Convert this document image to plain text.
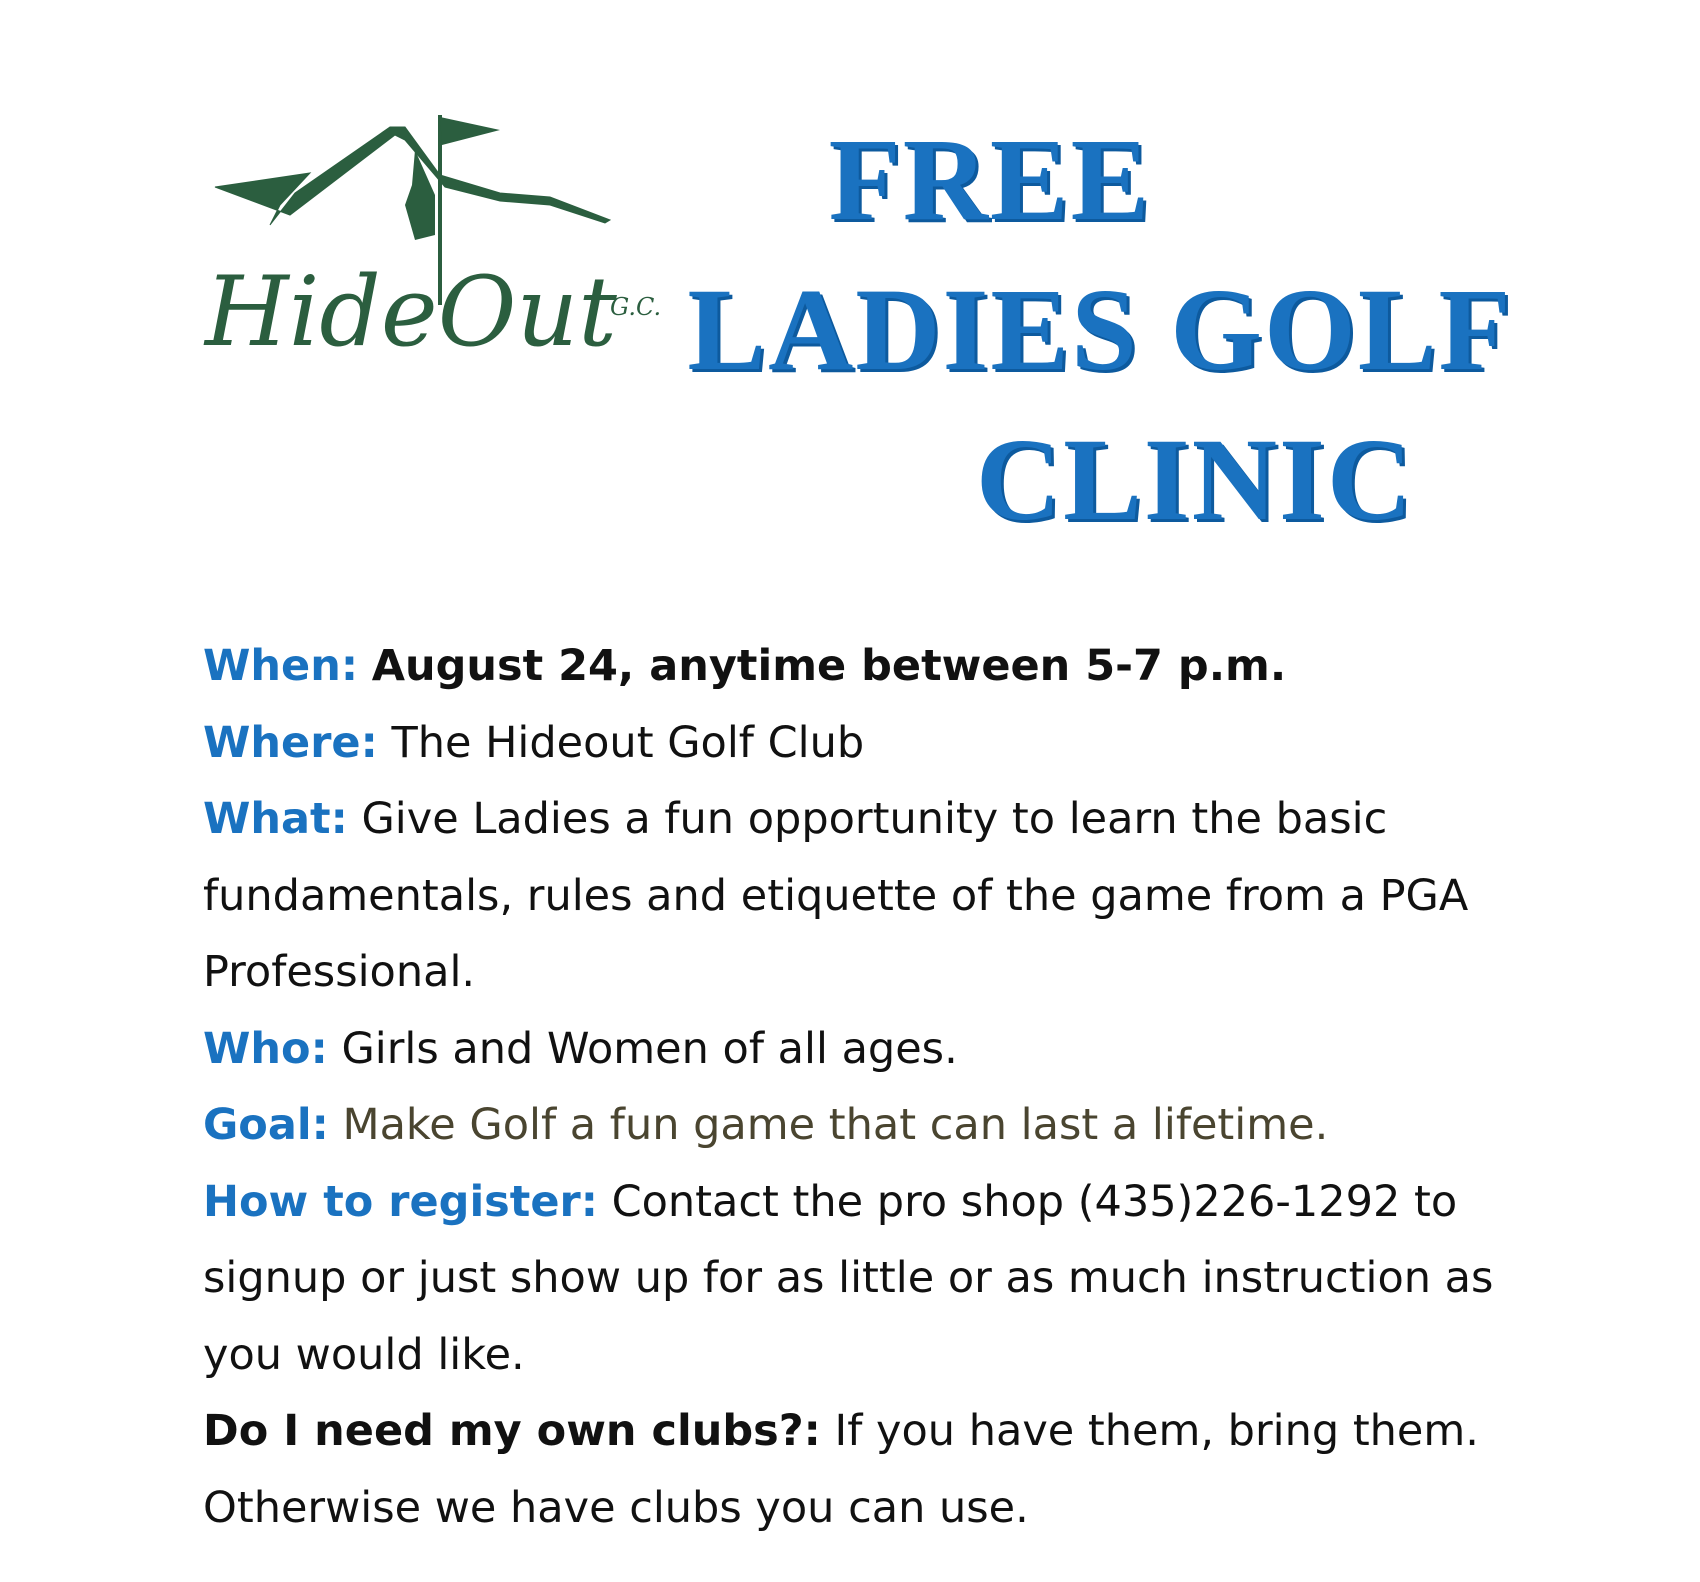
HideOut
G.C.
FREE
LADIES GOLF
CLINIC

When: August 24, anytime between 5-7 p.m.

Where: The Hideout Golf Club

What: Give Ladies a fun opportunity to learn the basic fundamentals, rules and etiquette of the game from a PGA Professional.

Who: Girls and Women of all ages.

Goal: Make Golf a fun game that can last a lifetime.

How to register: Contact the pro shop (435)226-1292 to signup or just show up for as little or as much instruction as you would like.

Do I need my own clubs?: If you have them, bring them. Otherwise we have clubs you can use.
